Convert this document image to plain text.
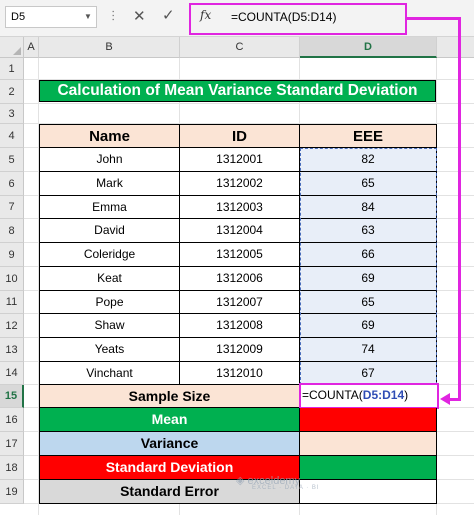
D5	▼ ⋯ ✕ ✓ fx =COUNTA(D5:D14)
A	B	C	D
1
2
3
4
5
6
7
8
9
10
11
12
13
14
15
16
17
18
19
Calculation of Mean Variance Standard Deviation
Name	ID	EEE
John	1312001	82
Mark	1312002	65
Emma	1312003	84
David	1312004	63
Coleridge	1312005	66
Keat	1312006	69
Pope	1312007	65
Shaw	1312008	69
Yeats	1312009	74
Vinchant	1312010	67
Sample Size	=COUNTA(D5:D14)
Mean
Variance
Standard Deviation
Standard Error
◈ exceldemy
EXCEL · DATA · BI
